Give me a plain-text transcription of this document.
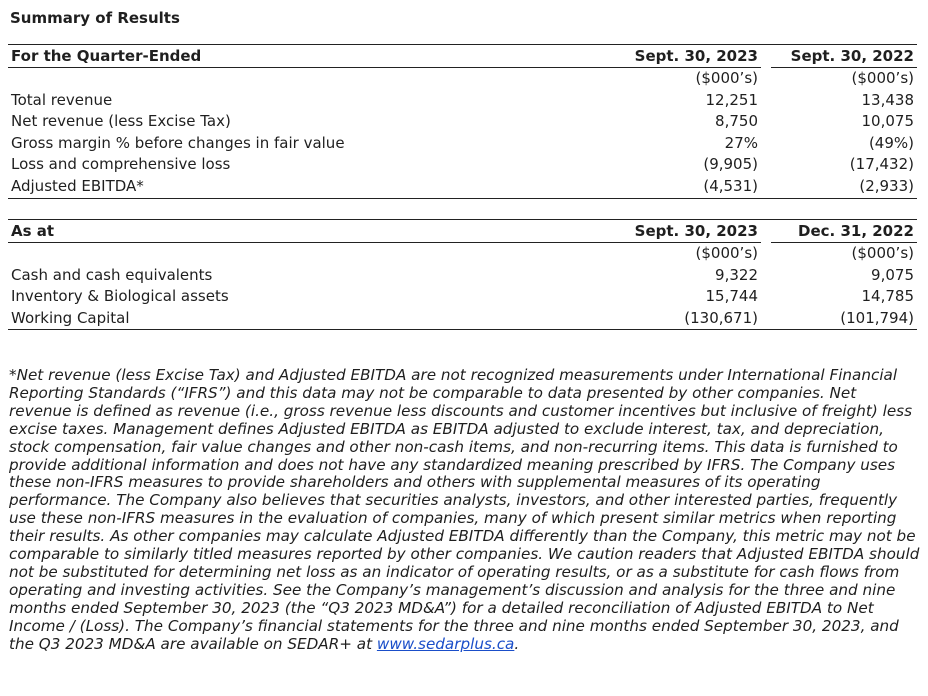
Summary of Results
For the Quarter-Ended	Sept. 30, 2023		Sept. 30, 2022
	($000’s)		($000’s)
Total revenue	12,251		13,438
Net revenue (less Excise Tax)	8,750		10,075
Gross margin % before changes in fair value	27%		(49%)
Loss and comprehensive loss	(9,905)		(17,432)
Adjusted EBITDA*	(4,531)		(2,933)
As at	Sept. 30, 2023		Dec. 31, 2022
	($000’s)		($000’s)
Cash and cash equivalents	9,322		9,075
Inventory & Biological assets	15,744		14,785
Working Capital	(130,671)		(101,794)

*Net revenue (less Excise Tax) and Adjusted EBITDA are not recognized measurements under International Financial Reporting Standards (“IFRS”) and this data may not be comparable to data presented by other companies. Net revenue is defined as revenue (i.e., gross revenue less discounts and customer incentives but inclusive of freight) less excise taxes. Management defines Adjusted EBITDA as EBITDA adjusted to exclude interest, tax, and depreciation, stock compensation, fair value changes and other non-cash items, and non-recurring items. This data is furnished to provide additional information and does not have any standardized meaning prescribed by IFRS. The Company uses these non-IFRS measures to provide shareholders and others with supplemental measures of its operating performance. The Company also believes that securities analysts, investors, and other interested parties, frequently use these non-IFRS measures in the evaluation of companies, many of which present similar metrics when reporting their results. As other companies may calculate Adjusted EBITDA differently than the Company, this metric may not be comparable to similarly titled measures reported by other companies. We caution readers that Adjusted EBITDA should not be substituted for determining net loss as an indicator of operating results, or as a substitute for cash flows from operating and investing activities. See the Company’s management’s discussion and analysis for the three and nine months ended September 30, 2023 (the “Q3 2023 MD&A”) for a detailed reconciliation of Adjusted EBITDA to Net Income / (Loss). The Company’s financial statements for the three and nine months ended September 30, 2023, and the Q3 2023 MD&A are available on SEDAR+ at www.sedarplus.ca.
